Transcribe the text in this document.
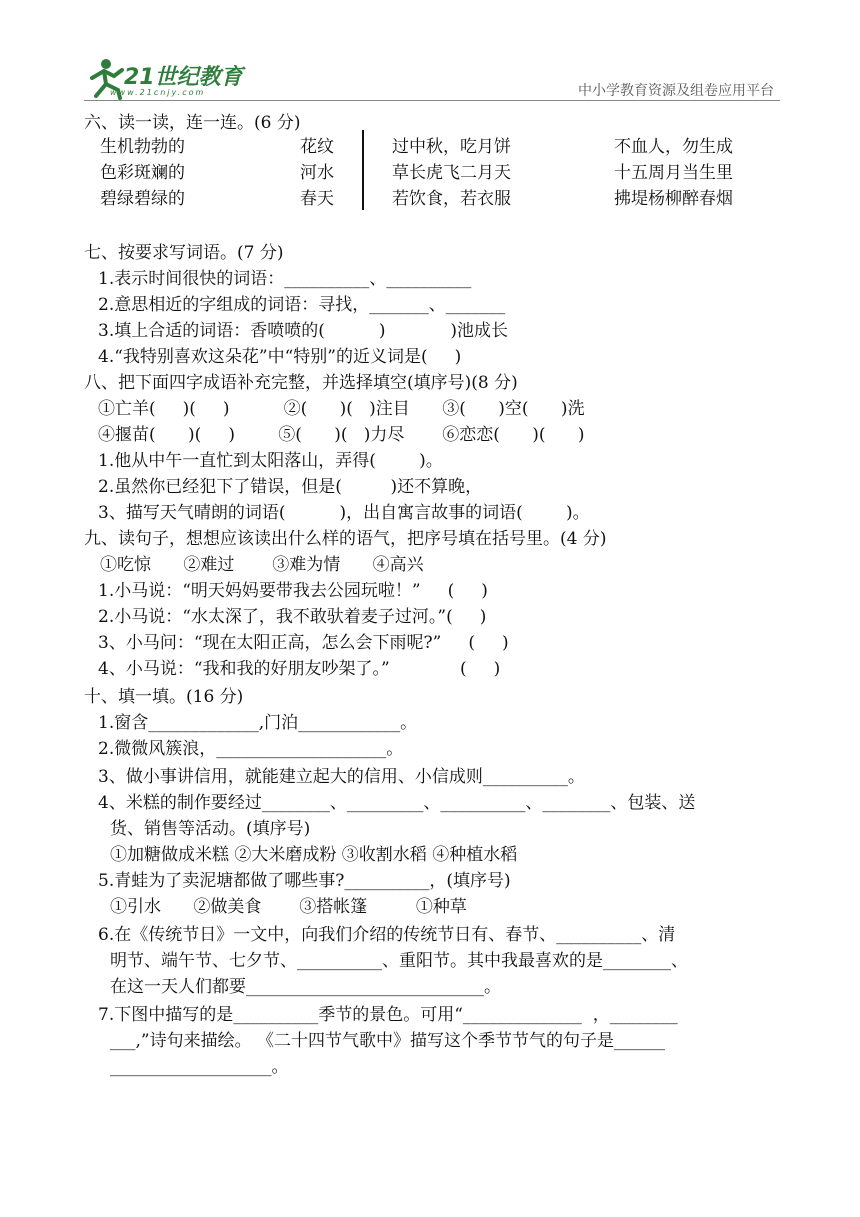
21世纪教育
www.21cnjy.com	中小学教育资源及组卷应用平台
六、读一读，连一连。(6 分)
生机勃勃的
色彩斑斓的
碧绿碧绿的
花纹
河水
春天
过中秋，吃月饼
草长虎飞二月天
若饮食，若衣服
不血人，勿生成
十五周月当生里
拂堤杨柳醉春烟
七、按要求写词语。(7 分)
1.表示时间很快的词语：__________、__________
2.意思相近的字组成的词语：寻找，_______、_______
3.填上合适的词语：香喷喷的(          )            )池成长
4.“我特别喜欢这朵花”中“特别”的近义词是(     )
八、把下面四字成语补充完整，并选择填空(填序号)(8 分)
①亡羊(     )(     )          ②(      )(   )注目      ③(      )空(      )洗
④揠苗(      )(     )        ⑤(      )(   )力尽       ⑥恋恋(      )(      )
1.他从中午一直忙到太阳落山，弄得(        )。
2.虽然你已经犯下了错误，但是(         )还不算晚，
3、描写天气晴朗的词语(          )，出自寓言故事的词语(        )。
九、读句子，想想应该读出什么样的语气，把序号填在括号里。(4 分)
①吃惊      ②难过       ③难为情      ④高兴
1.小马说：“明天妈妈要带我去公园玩啦！”     (     )
2.小马说：“水太深了，我不敢驮着麦子过河。”(     )
3、小马问：“现在太阳正高，怎么会下雨呢?”     (     )
4、小马说：“我和我的好朋友吵架了。”             (     )
十、填一填。(16 分)
1.窗含_____________,门泊____________。
2.微微风簇浪，____________________。
3、做小事讲信用，就能建立起大的信用、小信成则__________。
4、米糕的制作要经过________、_________、__________、________、包装、送
货、销售等活动。(填序号)
①加糖做成米糕 ②大米磨成粉 ③收割水稻 ④种植水稻
5.青蛙为了卖泥塘都做了哪些事?__________，(填序号)
①引水      ②做美食       ③搭帐篷         ①种草
6.在《传统节日》一文中，向我们介绍的传统节日有、春节、__________、清
明节、端午节、七夕节、__________、重阳节。其中我最喜欢的是________、
在这一天人们都要____________________________。
7.下图中描写的是__________季节的景色。可用“______________  ，________
___,”诗句来描绘。 《二十四节气歌中》描写这个季节节气的句子是______
___________________。
